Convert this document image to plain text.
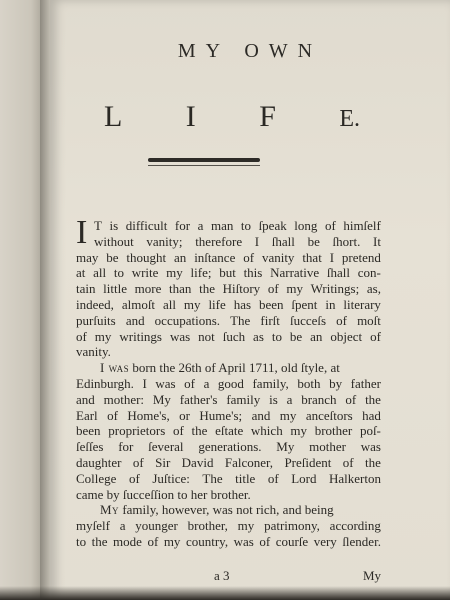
MY OWN
L I F	E.
I T is difficult for a man to ſpeak long of himſelf
without vanity; therefore I ſhall be ſhort. It
may be thought an inſtance of vanity that I pretend
at all to write my life; but this Narrative ſhall con-
tain little more than the Hiſtory of my Writings; as,
indeed, almoſt all my life has been ſpent in literary
purſuits and occupations. The firſt ſucceſs of moſt
of my writings was not ſuch as to be an object of
vanity.
I was born the 26th of April 1711, old ſtyle, at
Edinburgh. I was of a good family, both by father
and mother: My father's family is a branch of the
Earl of Home's, or Hume's; and my anceſtors had
been proprietors of the eſtate which my brother poſ-
ſeſſes for ſeveral generations. My mother was
daughter of Sir David Falconer, Preſident of the
College of Juſtice: The title of Lord Halkerton
came by ſucceſſion to her brother.
My family, however, was not rich, and being
myſelf a younger brother, my patrimony, according
to the mode of my country, was of courſe very ſlender.
a 3	My
